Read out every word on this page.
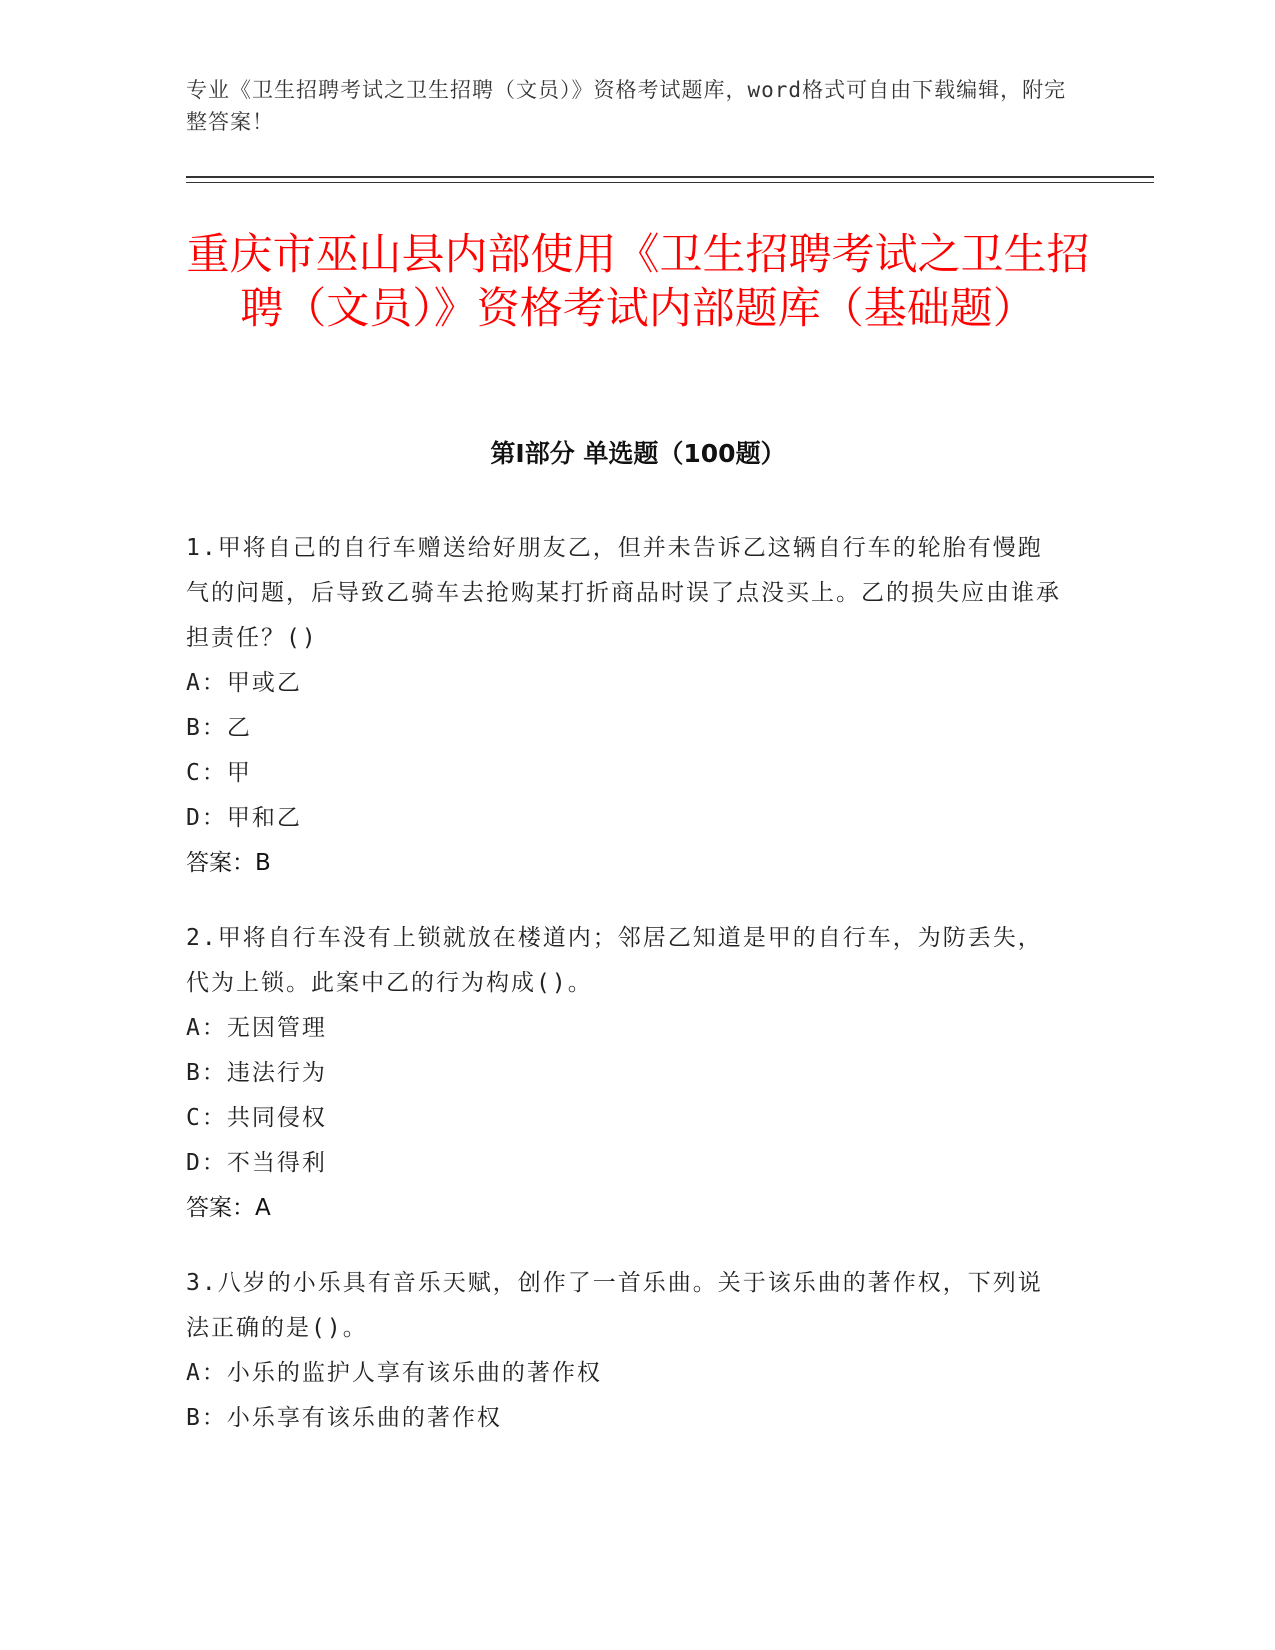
专业《卫生招聘考试之卫生招聘（文员）》资格考试题库，word格式可自由下载编辑，附完整答案！
重庆市巫山县内部使用《卫生招聘考试之卫生招聘（文员）》资格考试内部题库（基础题）
第Ⅰ部分 单选题（100题）

1.甲将自己的自行车赠送给好朋友乙，但并未告诉乙这辆自行车的轮胎有慢跑气的问题，后导致乙骑车去抢购某打折商品时误了点没买上。乙的损失应由谁承担责任？()

A：甲或乙

B：乙

C：甲

D：甲和乙

答案：B

2.甲将自行车没有上锁就放在楼道内；邻居乙知道是甲的自行车，为防丢失，代为上锁。此案中乙的行为构成()。

A：无因管理

B：违法行为

C：共同侵权

D：不当得利

答案：A

3.八岁的小乐具有音乐天赋，创作了一首乐曲。关于该乐曲的著作权，下列说法正确的是()。

A：小乐的监护人享有该乐曲的著作权

B：小乐享有该乐曲的著作权
